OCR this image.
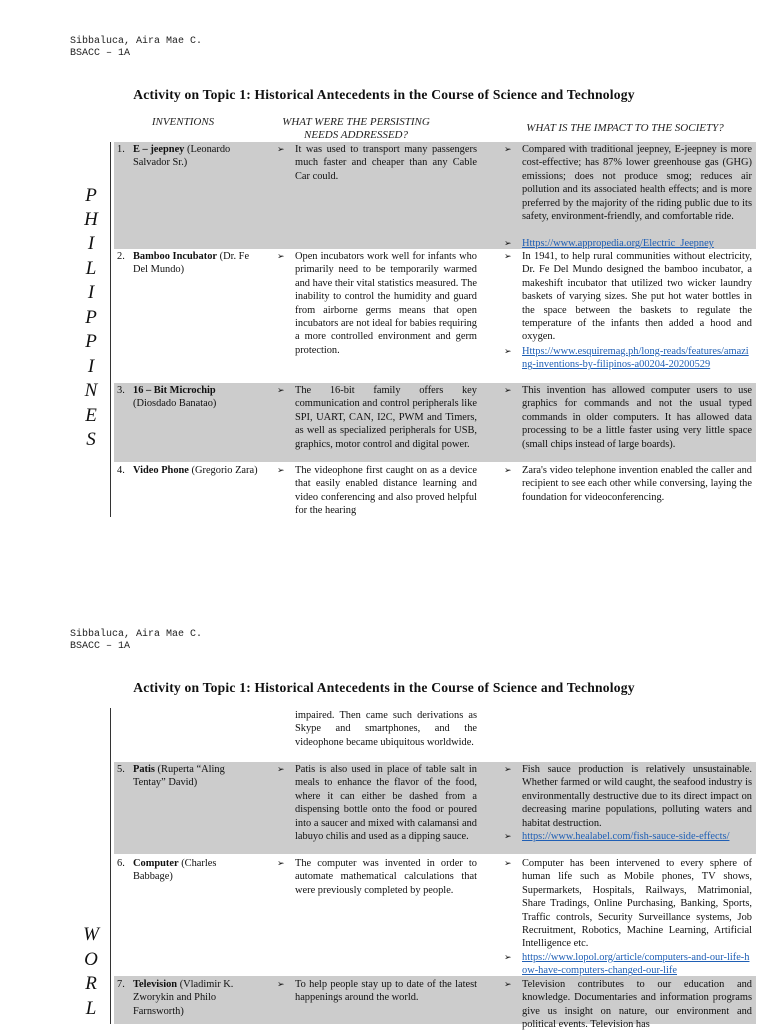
Sibbaluca, Aira Mae C.
BSACC – 1A
Activity on Topic 1: Historical Antecedents in the Course of Science and Technology
INVENTIONS	WHAT WERE THE PERSISTING NEEDS ADDRESSED?
WHAT IS THE IMPACT TO THE SOCIETY?
P
H
I
L
I
P
P
I
N
E
S
1. E – jeepney (Leonardo Salvador Sr.)
➢ It was used to transport many passengers much faster and cheaper than any Cable Car could.
➢ Compared with traditional jeepney, E-jeepney is more cost-effective; has 87% lower greenhouse gas (GHG) emissions; does not produce smog; reduces air pollution and its associated health effects; and is more preferred by the majority of the riding public due to its safety, environment-friendly, and comfortable ride.
➢ Https://www.appropedia.org/Electric_Jeepney
2. Bamboo Incubator (Dr. Fe Del Mundo)
➢ Open incubators work well for infants who primarily need to be temporarily warmed and have their vital statistics measured. The inability to control the humidity and guard from airborne germs means that open incubators are not ideal for babies requiring a more controlled environment and germ protection.
➢ In 1941, to help rural communities without electricity, Dr. Fe Del Mundo designed the bamboo incubator, a makeshift incubator that utilized two wicker laundry baskets of varying sizes. She put hot water bottles in the space between the baskets to regulate the temperature of the infants then added a hood and oxygen.
➢ Https://www.esquiremag.ph/long-reads/features/amazing-inventions-by-filipinos-a00204-20200529
3. 16 – Bit Microchip (Diosdado Banatao)
➢ The 16-bit family offers key communication and control peripherals like SPI, UART, CAN, I2C, PWM and Timers, as well as specialized peripherals for USB, graphics, motor control and digital power.
➢ This invention has allowed computer users to use graphics for commands and not the usual typed commands in older computers. It has allowed data processing to be a little faster using very little space (small chips instead of large boards).
4. Video Phone (Gregorio Zara) ➢ The videophone first caught on as a device that easily enabled distance learning and video conferencing and also proved helpful for the hearing
➢ Zara's video telephone invention enabled the caller and recipient to see each other while conversing, laying the foundation for videoconferencing.
Sibbaluca, Aira Mae C.
BSACC – 1A
Activity on Topic 1: Historical Antecedents in the Course of Science and Technology
W
O
R
L
impaired. Then came such derivations as Skype and smartphones, and the videophone became ubiquitous worldwide.
5. Patis (Ruperta “Aling Tentay” David)
➢ Patis is also used in place of table salt in meals to enhance the flavor of the food, where it can either be dashed from a dispensing bottle onto the food or poured into a saucer and mixed with calamansi and labuyo chilis and used as a dipping sauce.
➢ Fish sauce production is relatively unsustainable. Whether farmed or wild caught, the seafood industry is environmentally destructive due to its direct impact on decreasing marine populations, polluting waters and habitat destruction.
➢ https://www.healabel.com/fish-sauce-side-effects/
6. Computer (Charles Babbage)
➢ The computer was invented in order to automate mathematical calculations that were previously completed by people.
➢ Computer has been intervened to every sphere of human life such as Mobile phones, TV shows, Supermarkets, Hospitals, Railways, Matrimonial, Share Tradings, Online Purchasing, Banking, Sports, Traffic controls, Security Surveillance systems, Job Recruitment, Robotics, Machine Learning, Artificial Intelligence etc.
➢ https://www.lopol.org/article/computers-and-our-life-how-have-computers-changed-our-life
7. Television (Vladimir K. Zworykin and Philo Farnsworth)
➢ To help people stay up to date of the latest happenings around the world.
➢ Television contributes to our education and knowledge. Documentaries and information programs give us insight on nature, our environment and political events. Television has
